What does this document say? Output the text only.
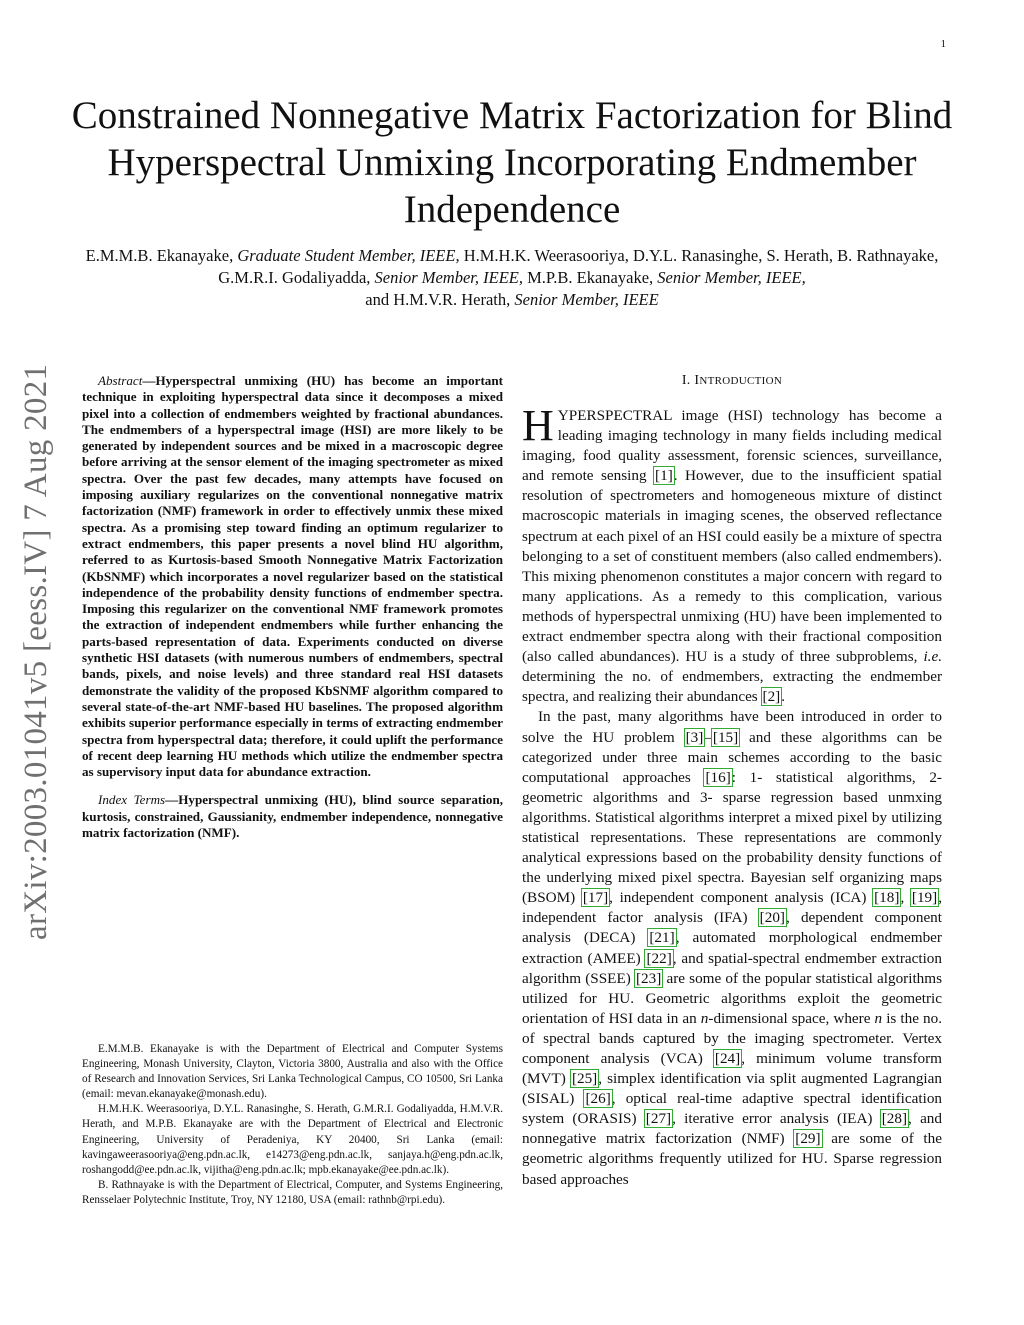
1
arXiv:2003.01041v5 [eess.IV] 7 Aug 2021
Constrained Nonnegative Matrix Factorization for Blind Hyperspectral Unmixing Incorporating Endmember Independence
E.M.M.B. Ekanayake, Graduate Student Member, IEEE, H.M.H.K. Weerasooriya, D.Y.L. Ranasinghe, S. Herath, B. Rathnayake, G.M.R.I. Godaliyadda, Senior Member, IEEE, M.P.B. Ekanayake, Senior Member, IEEE,
and H.M.V.R. Herath, Senior Member, IEEE

Abstract—Hyperspectral unmixing (HU) has become an important technique in exploiting hyperspectral data since it decomposes a mixed pixel into a collection of endmembers weighted by fractional abundances. The endmembers of a hyperspectral image (HSI) are more likely to be generated by independent sources and be mixed in a macroscopic degree before arriving at the sensor element of the imaging spectrometer as mixed spectra. Over the past few decades, many attempts have focused on imposing auxiliary regularizes on the conventional nonnegative matrix factorization (NMF) framework in order to effectively unmix these mixed spectra. As a promising step toward finding an optimum regularizer to extract endmembers, this paper presents a novel blind HU algorithm, referred to as Kurtosis-based Smooth Nonnegative Matrix Factorization (KbSNMF) which incorporates a novel regularizer based on the statistical independence of the probability density functions of endmember spectra. Imposing this regularizer on the conventional NMF framework promotes the extraction of independent endmembers while further enhancing the parts-based representation of data. Experiments conducted on diverse synthetic HSI datasets (with numerous numbers of endmembers, spectral bands, pixels, and noise levels) and three standard real HSI datasets demonstrate the validity of the proposed KbSNMF algorithm compared to several state-of-the-art NMF-based HU baselines. The proposed algorithm exhibits superior performance especially in terms of extracting endmember spectra from hyperspectral data; therefore, it could uplift the performance of recent deep learning HU methods which utilize the endmember spectra as supervisory input data for abundance extraction.

Index Terms—Hyperspectral unmixing (HU), blind source separation, kurtosis, constrained, Gaussianity, endmember independence, nonnegative matrix factorization (NMF).

E.M.M.B. Ekanayake is with the Department of Electrical and Computer Systems Engineering, Monash University, Clayton, Victoria 3800, Australia and also with the Office of Research and Innovation Services, Sri Lanka Technological Campus, CO 10500, Sri Lanka (email: mevan.ekanayake@monash.edu).

H.M.H.K. Weerasooriya, D.Y.L. Ranasinghe, S. Herath, G.M.R.I. Godaliyadda, H.M.V.R. Herath, and M.P.B. Ekanayake are with the Department of Electrical and Electronic Engineering, University of Peradeniya, KY 20400, Sri Lanka (email: kavingaweerasooriya@eng.pdn.ac.lk, e14273@eng.pdn.ac.lk, sanjaya.h@eng.pdn.ac.lk, roshangodd@ee.pdn.ac.lk, vijitha@eng.pdn.ac.lk; mpb.ekanayake@ee.pdn.ac.lk).

B. Rathnayake is with the Department of Electrical, Computer, and Systems Engineering, Rensselaer Polytechnic Institute, Troy, NY 12180, USA (email: rathnb@rpi.edu).

I. INTRODUCTION

HYPERSPECTRAL image (HSI) technology has become a leading imaging technology in many fields including medical imaging, food quality assessment, forensic sciences, surveillance, and remote sensing [1]. However, due to the insufficient spatial resolution of spectrometers and homogeneous mixture of distinct macroscopic materials in imaging scenes, the observed reflectance spectrum at each pixel of an HSI could easily be a mixture of spectra belonging to a set of constituent members (also called endmembers). This mixing phenomenon constitutes a major concern with regard to many applications. As a remedy to this complication, various methods of hyperspectral unmixing (HU) have been implemented to extract endmember spectra along with their fractional composition (also called abundances). HU is a study of three subproblems, i.e. determining the no. of endmembers, extracting the endmember spectra, and realizing their abundances [2].

In the past, many algorithms have been introduced in order to solve the HU problem [3]–[15] and these algorithms can be categorized under three main schemes according to the basic computational approaches [16]: 1- statistical algorithms, 2- geometric algorithms and 3- sparse regression based unmxing algorithms. Statistical algorithms interpret a mixed pixel by utilizing statistical representations. These representations are commonly analytical expressions based on the probability density functions of the underlying mixed pixel spectra. Bayesian self organizing maps (BSOM) [17], independent component analysis (ICA) [18], [19], independent factor analysis (IFA) [20], dependent component analysis (DECA) [21], automated morphological endmember extraction (AMEE) [22], and spatial-spectral endmember extraction algorithm (SSEE) [23] are some of the popular statistical algorithms utilized for HU. Geometric algorithms exploit the geometric orientation of HSI data in an n-dimensional space, where n is the no. of spectral bands captured by the imaging spectrometer. Vertex component analysis (VCA) [24], minimum volume transform (MVT) [25], simplex identification via split augmented Lagrangian (SISAL) [26], optical real-time adaptive spectral identification system (ORASIS) [27], iterative error analysis (IEA) [28], and nonnegative matrix factorization (NMF) [29] are some of the geometric algorithms frequently utilized for HU. Sparse regression based approaches
